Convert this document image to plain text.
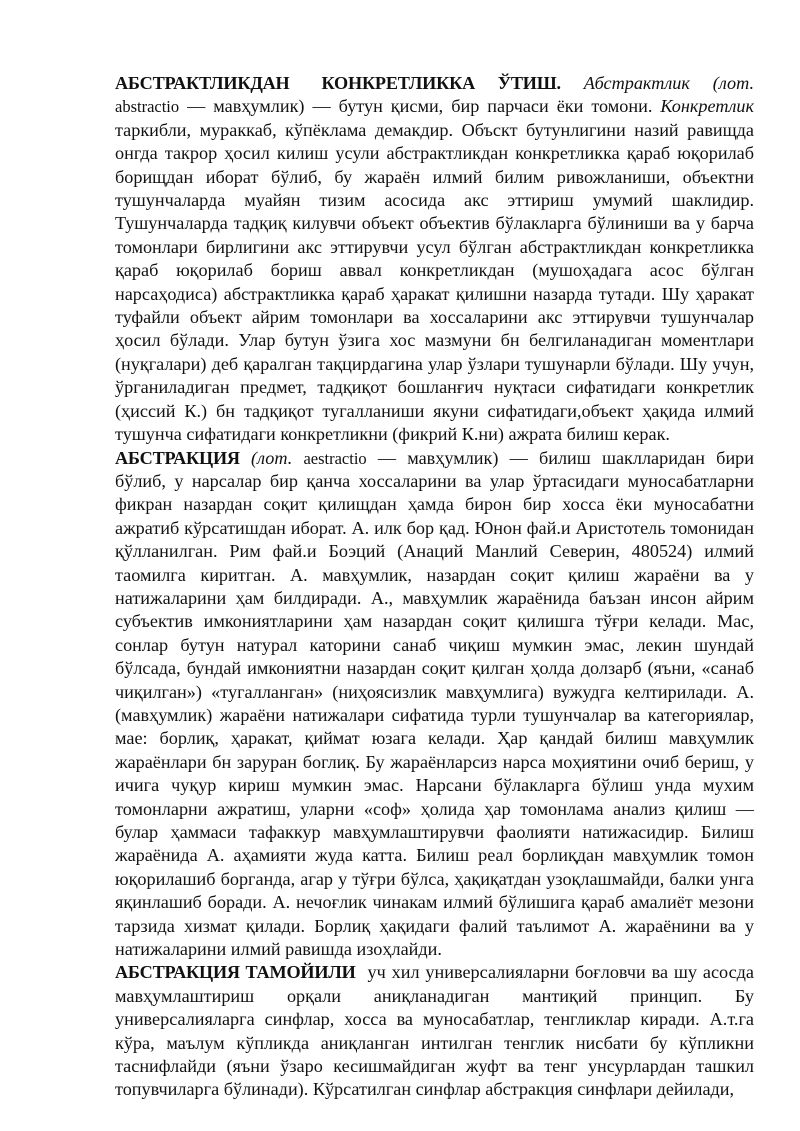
АБСТРАКТЛИКДАН КОНКРЕТЛИККА ЎТИШ. Абстрактлик (лот. abstractio — мавҳумлик) — бутун қисми, бир парчаси ёки томони. Конкретлик таркибли, мураккаб, кўпёклама демакдир. Объскт бутунлигини назий равищда онгда такрор ҳосил килиш усули абстрактликдан конкретликка қараб юқорилаб борищдан иборат бўлиб, бу жараён илмий билим ривожланиши, объектни тушунчаларда муайян тизим асосида акс эттириш умумий шаклидир. Тушунчаларда тадқиқ килувчи объект объектив бўлакларга бўлиниши ва у барча томонлари бирлигини акс эттирувчи усул бўлган абстрактликдан конкретликка қараб юқорилаб бориш аввал конкретликдан (мушоҳадага асос бўлган нарсаҳодиса) абстрактликка қараб ҳаракат қилишни назарда тутади. Шу ҳаракат туфайли объект айрим томонлари ва хоссаларини акс эттирувчи тушунчалар ҳосил бўлади. Улар бутун ўзига хос мазмуни бн белгиланадиган моментлари (нуқгалари) деб қаралган тақцирдагина улар ўзлари тушунарли бўлади. Шу учун, ўрганиладиган предмет, тадқиқот бошланғич нуқтаси сифатидаги конкретлик (ҳиссий К.) бн тадқиқот тугалланиши якуни сифатидаги,объект ҳақида илмий тушунча сифатидаги конкретликни (фикрий К.ни) ажрата билиш керак.

АБСТРАКЦИЯ (лот. aestractio — мавҳумлик) — билиш шаклларидан бири бўлиб, у нарсалар бир қанча хоссаларини ва улар ўртасидаги муносабатларни фикран назардан соқит қилищдан ҳамда бирон бир хосса ёки муносабатни ажратиб кўрсатишдан иборат. А. илк бор қад. Юнон фай.и Аристотель томонидан қўлланилган. Рим фай.и Боэций (Анаций Манлий Северин, 480524) илмий таомилга киритган. А. мавҳумлик, назардан соқит қилиш жараёни ва у натижаларини ҳам билдиради. А., мавҳумлик жараёнида баъзан инсон айрим субъектив имкониятларини ҳам назардан соқит қилишга тўғри келади. Мас, сонлар бутун натурал каторини санаб чиқиш мумкин эмас, лекин шундай бўлсада, бундай имкониятни назардан соқит қилган ҳолда долзарб (яъни, «санаб чиқилган») «тугалланган» (ниҳоясизлик мавҳумлига) вужудга келтирилади. А. (мавҳумлик) жараёни натижалари сифатида турли тушунчалар ва категориялар, мае: борлиқ, ҳаракат, қиймат юзага келади. Ҳар қандай билиш мавҳумлик жараёнлари бн заруран боглиқ. Бу жараёнларсиз нарса моҳиятини очиб бериш, у ичига чуқур кириш мумкин эмас. Нарсани бўлакларга бўлиш унда мухим томонларни ажратиш, уларни «соф» ҳолида ҳар томонлама анализ қилиш — булар ҳаммаси тафаккур мавҳумлаштирувчи фаолияти натижасидир. Билиш жараёнида А. аҳамияти жуда катта. Билиш реал борлиқдан мавҳумлик томон юқорилашиб борганда, агар у тўғри бўлса, ҳақиқатдан узоқлашмайди, балки унга яқинлашиб боради. А. нечоғлик чинакам илмий бўлишига қараб амалиёт мезони тарзида хизмат қилади. Борлиқ ҳақидаги фалий таълимот А. жараёнини ва у натижаларини илмий равишда изоҳлайди.

АБСТРАКЦИЯ ТАМОЙИЛИ уч хил универсалияларни боғловчи ва шу асосда мавҳумлаштириш орқали аниқланадиган мантиқий принцип. Бу универсалияларга синфлар, хосса ва муносабатлар, тенгликлар киради. А.т.га кўра, маълум кўпликда аниқланган интилган тенглик нисбати бу кўпликни таснифлайди (яъни ўзаро кесишмайдиган жуфт ва тенг унсурлардан ташкил топувчиларга бўлинади). Кўрсатилган синфлар абстракция синфлари дейилади,
